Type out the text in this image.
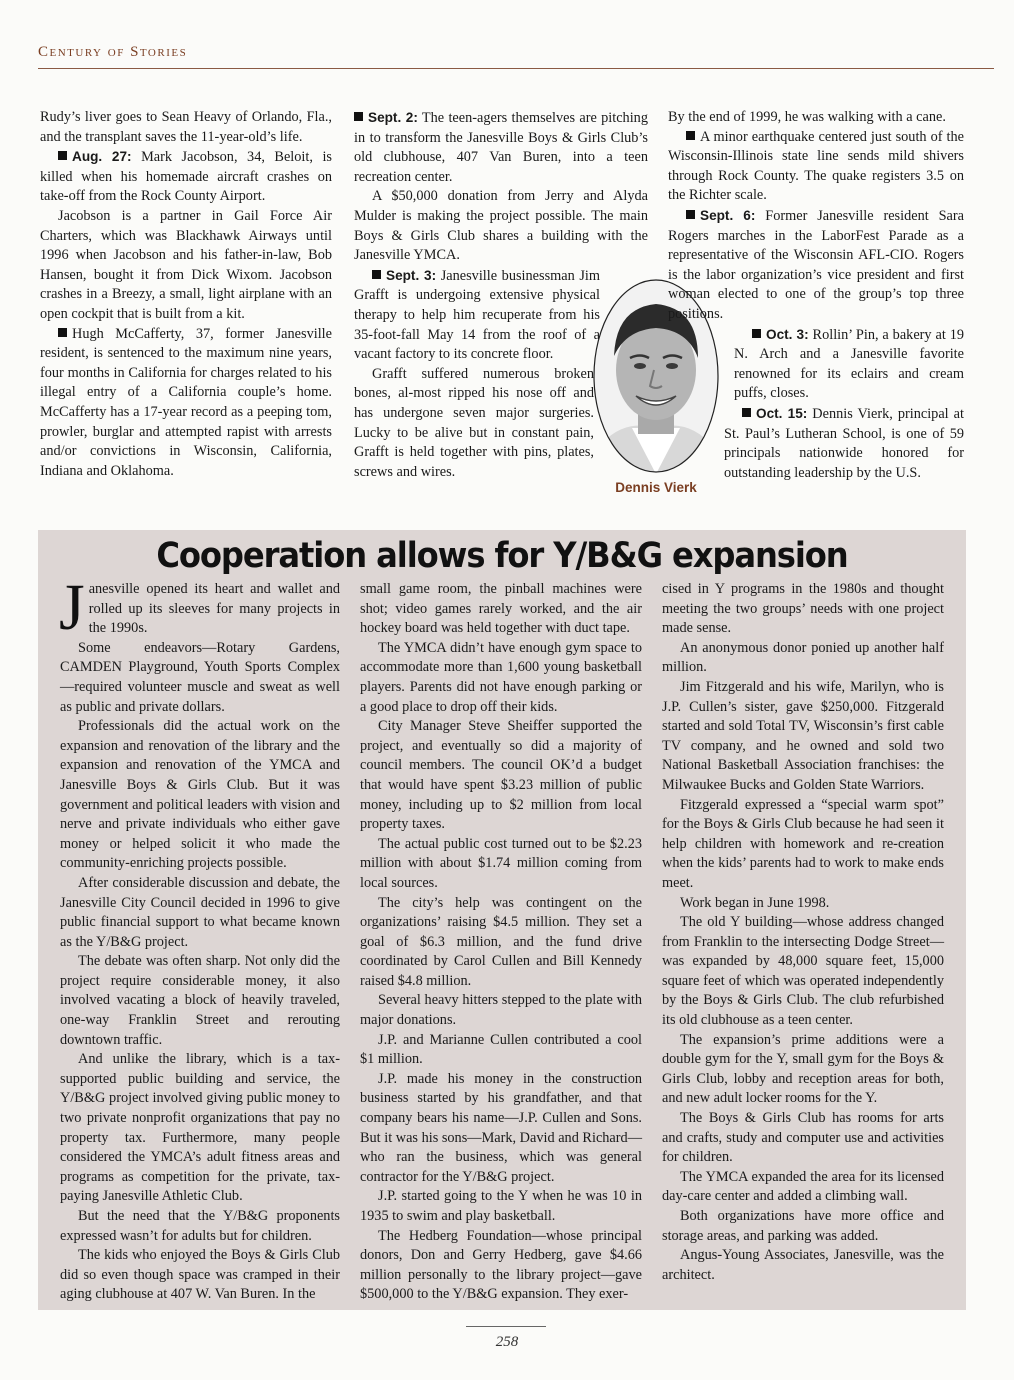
Century of Stories

Rudy’s liver goes to Sean Heavy of Orlando, Fla., and the transplant saves the 11-year-old’s life.

Aug. 27: Mark Jacobson, 34, Beloit, is killed when his homemade aircraft crashes on take-off from the Rock County Airport.

Jacobson is a partner in Gail Force Air Charters, which was Blackhawk Airways until 1996 when Jacobson and his father-in-law, Bob Hansen, bought it from Dick Wixom. Jacobson crashes in a Breezy, a small, light airplane with an open cockpit that is built from a kit.

Hugh McCafferty, 37, former Janesville resident, is sentenced to the maximum nine years, four months in California for charges related to his illegal entry of a California couple’s home. McCafferty has a 17-year record as a peeping tom, prowler, burglar and attempted rapist with arrests and/or convictions in Wisconsin, California, Indiana and Oklahoma.

Sept. 2: The teen-agers themselves are pitching in to transform the Janesville Boys & Girls Club’s old clubhouse, 407 Van Buren, into a teen recreation center.

A $50,000 donation from Jerry and Alyda Mulder is making the project possible. The main Boys & Girls Club shares a building with the Janesville YMCA.

Sept. 3: Janesville businessman Jim Grafft is undergoing extensive physical therapy to help him recuperate from his 35-foot-fall May 14 from the roof of a vacant factory to its concrete floor.

Grafft suffered numerous broken bones, al-most ripped his nose off and has undergone seven major surgeries. Lucky to be alive but in constant pain, Grafft is held together with pins, plates, screws and wires.

Dennis Vierk

By the end of 1999, he was walking with a cane.

A minor earthquake centered just south of the Wisconsin-Illinois state line sends mild shivers through Rock County. The quake registers 3.5 on the Richter scale.

Sept. 6: Former Janesville resident Sara Rogers marches in the LaborFest Parade as a representative of the Wisconsin AFL-CIO. Rogers is the labor organization’s vice president and first woman elected to one of the group’s top three positions.

Oct. 3: Rollin’ Pin, a bakery at 19 N. Arch and a Janesville favorite renowned for its eclairs and cream puffs, closes.

Oct. 15: Dennis Vierk, principal at St. Paul’s Lutheran School, is one of 59 principals nationwide honored for outstanding leadership by the U.S.

Cooperation allows for Y/B&G expansion

Janesville opened its heart and wallet and rolled up its sleeves for many projects in the 1990s.

Some endeavors—Rotary Gardens, CAMDEN Playground, Youth Sports Complex—required volunteer muscle and sweat as well as public and private dollars.

Professionals did the actual work on the expansion and renovation of the library and the expansion and renovation of the YMCA and Janesville Boys & Girls Club. But it was government and political leaders with vision and nerve and private individuals who either gave money or helped solicit it who made the community-enriching projects possible.

After considerable discussion and debate, the Janesville City Council decided in 1996 to give public financial support to what became known as the Y/B&G project.

The debate was often sharp. Not only did the project require considerable money, it also involved vacating a block of heavily traveled, one-way Franklin Street and rerouting downtown traffic.

And unlike the library, which is a tax-supported public building and service, the Y/B&G project involved giving public money to two private nonprofit organizations that pay no property tax. Furthermore, many people considered the YMCA’s adult fitness areas and programs as competition for the private, tax-paying Janesville Athletic Club.

But the need that the Y/B&G proponents expressed wasn’t for adults but for children.

The kids who enjoyed the Boys & Girls Club did so even though space was cramped in their aging clubhouse at 407 W. Van Buren. In the

small game room, the pinball machines were shot; video games rarely worked, and the air hockey board was held together with duct tape.

The YMCA didn’t have enough gym space to accommodate more than 1,600 young basketball players. Parents did not have enough parking or a good place to drop off their kids.

City Manager Steve Sheiffer supported the project, and eventually so did a majority of council members. The council OK’d a budget that would have spent $3.23 million of public money, including up to $2 million from local property taxes.

The actual public cost turned out to be $2.23 million with about $1.74 million coming from local sources.

The city’s help was contingent on the organizations’ raising $4.5 million. They set a goal of $6.3 million, and the fund drive coordinated by Carol Cullen and Bill Kennedy raised $4.8 million.

Several heavy hitters stepped to the plate with major donations.

J.P. and Marianne Cullen contributed a cool $1 million.

J.P. made his money in the construction business started by his grandfather, and that company bears his name—J.P. Cullen and Sons. But it was his sons—Mark, David and Richard—who ran the business, which was general contractor for the Y/B&G project.

J.P. started going to the Y when he was 10 in 1935 to swim and play basketball.

The Hedberg Foundation—whose principal donors, Don and Gerry Hedberg, gave $4.66 million personally to the library project—gave $500,000 to the Y/B&G expansion. They exer-

cised in Y programs in the 1980s and thought meeting the two groups’ needs with one project made sense.

An anonymous donor ponied up another half million.

Jim Fitzgerald and his wife, Marilyn, who is J.P. Cullen’s sister, gave $250,000. Fitzgerald started and sold Total TV, Wisconsin’s first cable TV company, and he owned and sold two National Basketball Association franchises: the Milwaukee Bucks and Golden State Warriors.

Fitzgerald expressed a “special warm spot” for the Boys & Girls Club because he had seen it help children with homework and re-creation when the kids’ parents had to work to make ends meet.

Work began in June 1998.

The old Y building—whose address changed from Franklin to the intersecting Dodge Street—was expanded by 48,000 square feet, 15,000 square feet of which was operated independently by the Boys & Girls Club. The club refurbished its old clubhouse as a teen center.

The expansion’s prime additions were a double gym for the Y, small gym for the Boys & Girls Club, lobby and reception areas for both, and new adult locker rooms for the Y.

The Boys & Girls Club has rooms for arts and crafts, study and computer use and activities for children.

The YMCA expanded the area for its licensed day-care center and added a climbing wall.

Both organizations have more office and storage areas, and parking was added.

Angus-Young Associates, Janesville, was the architect.

258
